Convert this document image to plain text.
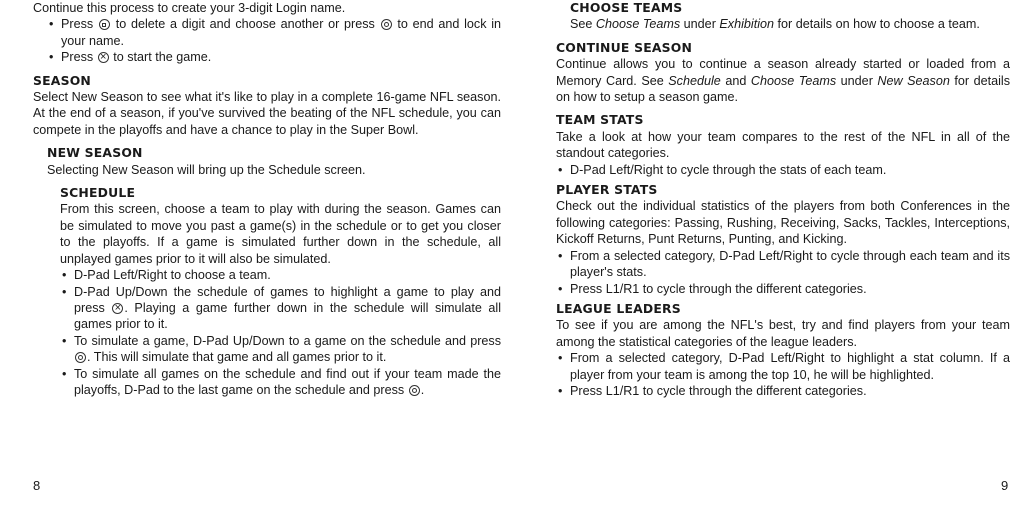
Continue this process to create your 3-digit Login name.

• Press to delete a digit and choose another or press to end and lock in your name.
• Press × to start the game.
SEASON

Select New Season to see what it's like to play in a complete 16-game NFL season. At the end of a season, if you've survived the beating of the NFL schedule, you can compete in the playoffs and have a chance to play in the Super Bowl.

NEW SEASON

Selecting New Season will bring up the Schedule screen.

SCHEDULE

From this screen, choose a team to play with during the season. Games can be simulated to move you past a game(s) in the schedule or to get you closer to the playoffs. If a game is simulated further down in the schedule, all unplayed games prior to it will also be simulated.

• D-Pad Left/Right to choose a team.
• D-Pad Up/Down the schedule of games to highlight a game to play and press × . Playing a game further down in the schedule will simulate all games prior to it.
• To simulate a game, D-Pad Up/Down to a game on the schedule and press . This will simulate that game and all games prior to it.
• To simulate all games on the schedule and find out if your team made the playoffs, D-Pad to the last game on the schedule and press .
CHOOSE TEAMS

See Choose Teams under Exhibition for details on how to choose a team.

CONTINUE SEASON

Continue allows you to continue a season already started or loaded from a Memory Card. See Schedule and Choose Teams under New Season for details on how to setup a season game.

TEAM STATS

Take a look at how your team compares to the rest of the NFL in all of the standout categories.

• D-Pad Left/Right to cycle through the stats of each team.
PLAYER STATS

Check out the individual statistics of the players from both Conferences in the following categories: Passing, Rushing, Receiving, Sacks, Tackles, Interceptions, Kickoff Returns, Punt Returns, Punting, and Kicking.

• From a selected category, D-Pad Left/Right to cycle through each team and its player's stats.
• Press L1/R1 to cycle through the different categories.
LEAGUE LEADERS

To see if you are among the NFL's best, try and find players from your team among the statistical categories of the league leaders.

• From a selected category, D-Pad Left/Right to highlight a stat column. If a player from your team is among the top 10, he will be highlighted.
• Press L1/R1 to cycle through the different categories.
8	9
